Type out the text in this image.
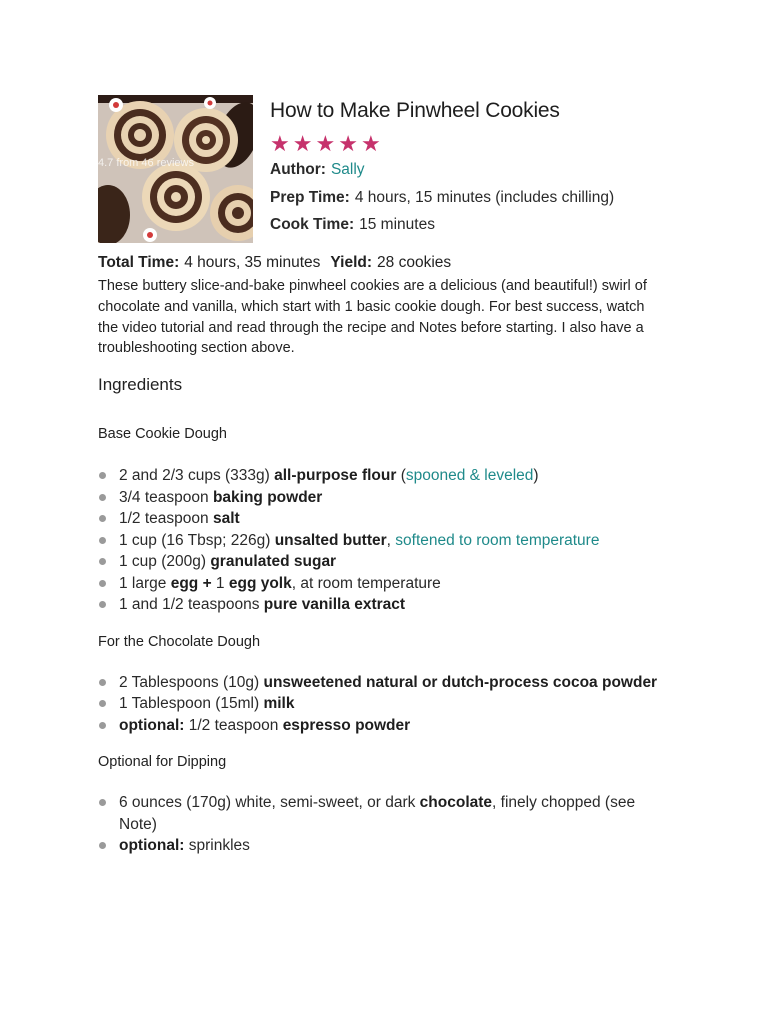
4.7 from 46 reviews
How to Make Pinwheel Cookies
★ ★ ★ ★ ★
Author: Sally
Prep Time: 4 hours, 15 minutes (includes chilling)
Cook Time: 15 minutes
Total Time: 4 hours, 35 minutes Yield: 28 cookies

These buttery slice-and-bake pinwheel cookies are a delicious (and beautiful!) swirl of chocolate and vanilla, which start with 1 basic cookie dough. For best success, watch the video tutorial and read through the recipe and Notes before starting. I also have a troubleshooting section above.

Ingredients
Base Cookie Dough
2 and 2/3 cups (333g) all-purpose flour (spooned & leveled)
3/4 teaspoon baking powder
1/2 teaspoon salt
1 cup (16 Tbsp; 226g) unsalted butter, softened to room temperature
1 cup (200g) granulated sugar
1 large egg + 1 egg yolk, at room temperature
1 and 1/2 teaspoons pure vanilla extract
For the Chocolate Dough
2 Tablespoons (10g) unsweetened natural or dutch-process cocoa powder
1 Tablespoon (15ml) milk
optional: 1/2 teaspoon espresso powder
Optional for Dipping
6 ounces (170g) white, semi-sweet, or dark chocolate, finely chopped (see Note)
optional: sprinkles
